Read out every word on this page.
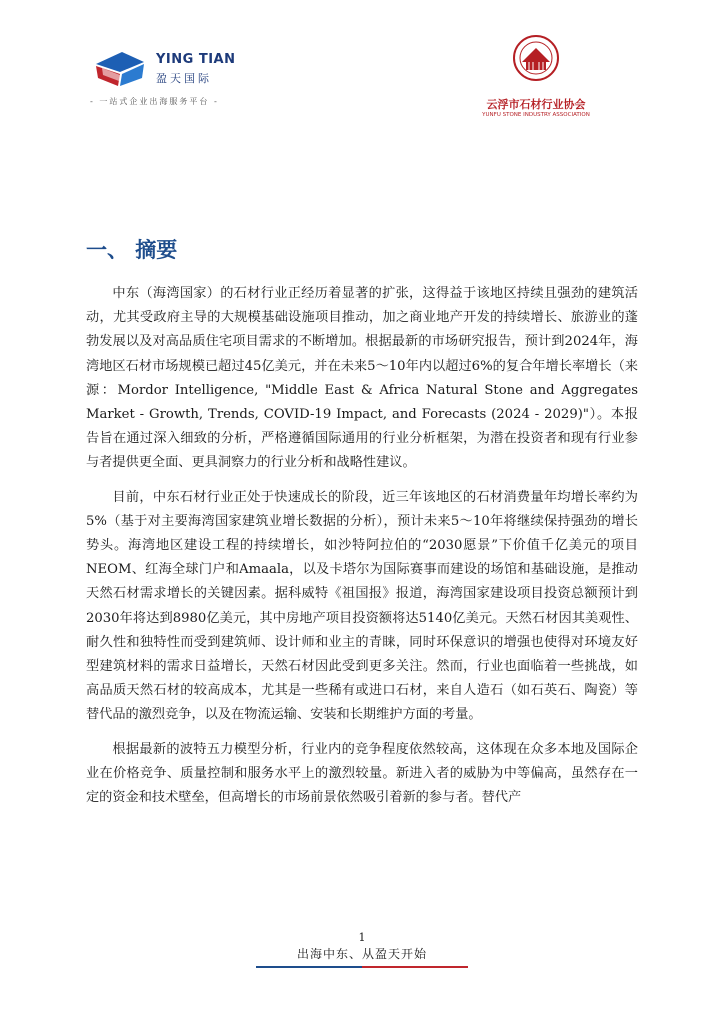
YING TIAN
盈天国际
- 一站式企业出海服务平台 -	云浮市石材行业协会
YUNFU STONE INDUSTRY ASSOCIATION
一、 摘要

中东（海湾国家）的石材行业正经历着显著的扩张，这得益于该地区持续且强劲的建筑活动，尤其受政府主导的大规模基础设施项目推动，加之商业地产开发的持续增长、旅游业的蓬勃发展以及对高品质住宅项目需求的不断增加。根据最新的市场研究报告，预计到2024年，海湾地区石材市场规模已超过45亿美元，并在未来5～10年内以超过6%的复合年增长率增长（来源：Mordor Intelligence, "Middle East & Africa Natural Stone and Aggregates Market - Growth, Trends, COVID-19 Impact, and Forecasts (2024 - 2029)"）。本报告旨在通过深入细致的分析，严格遵循国际通用的行业分析框架，为潜在投资者和现有行业参与者提供更全面、更具洞察力的行业分析和战略性建议。

目前，中东石材行业正处于快速成长的阶段，近三年该地区的石材消费量年均增长率约为5%（基于对主要海湾国家建筑业增长数据的分析），预计未来5～10年将继续保持强劲的增长势头。海湾地区建设工程的持续增长，如沙特阿拉伯的“2030愿景”下价值千亿美元的项目NEOM、红海全球门户和Amaala，以及卡塔尔为国际赛事而建设的场馆和基础设施，是推动天然石材需求增长的关键因素。据科威特《祖国报》报道，海湾国家建设项目投资总额预计到2030年将达到8980亿美元，其中房地产项目投资额将达5140亿美元。天然石材因其美观性、耐久性和独特性而受到建筑师、设计师和业主的青睐，同时环保意识的增强也使得对环境友好型建筑材料的需求日益增长，天然石材因此受到更多关注。然而，行业也面临着一些挑战，如高品质天然石材的较高成本，尤其是一些稀有或进口石材，来自人造石（如石英石、陶瓷）等替代品的激烈竞争，以及在物流运输、安装和长期维护方面的考量。

根据最新的波特五力模型分析，行业内的竞争程度依然较高，这体现在众多本地及国际企业在价格竞争、质量控制和服务水平上的激烈较量。新进入者的威胁为中等偏高，虽然存在一定的资金和技术壁垒，但高增长的市场前景依然吸引着新的参与者。替代产

1
出海中东、从盈天开始
